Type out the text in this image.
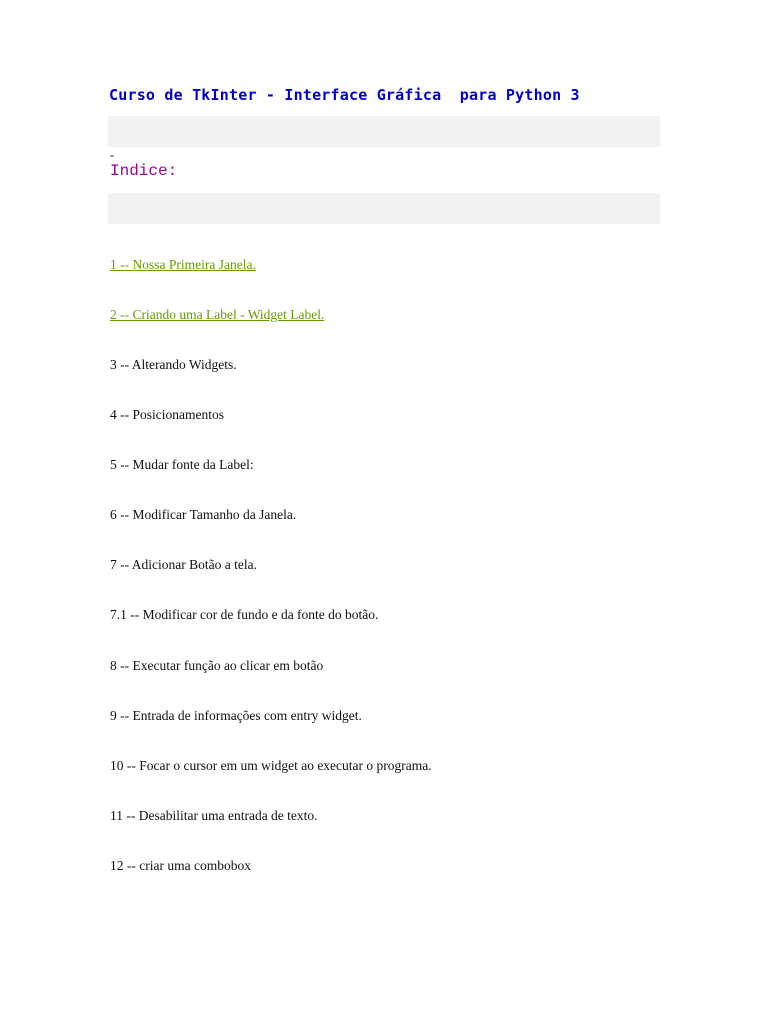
Curso de TkInter - Interface Gráfica  para Python 3
-
Indice:
1 -- Nossa Primeira Janela.
2 -- Criando uma Label - Widget Label.
3 -- Alterando Widgets.
4 -- Posicionamentos
5 -- Mudar fonte da Label:
6 -- Modificar Tamanho da Janela.
7 -- Adicionar Botão a tela.
7.1 -- Modificar cor de fundo e da fonte do botão.
8 -- Executar função ao clicar em botão
9 -- Entrada de informações com entry widget.
10 -- Focar o cursor em um widget ao executar o programa.
11 -- Desabilitar uma entrada de texto.
12 -- criar uma combobox
